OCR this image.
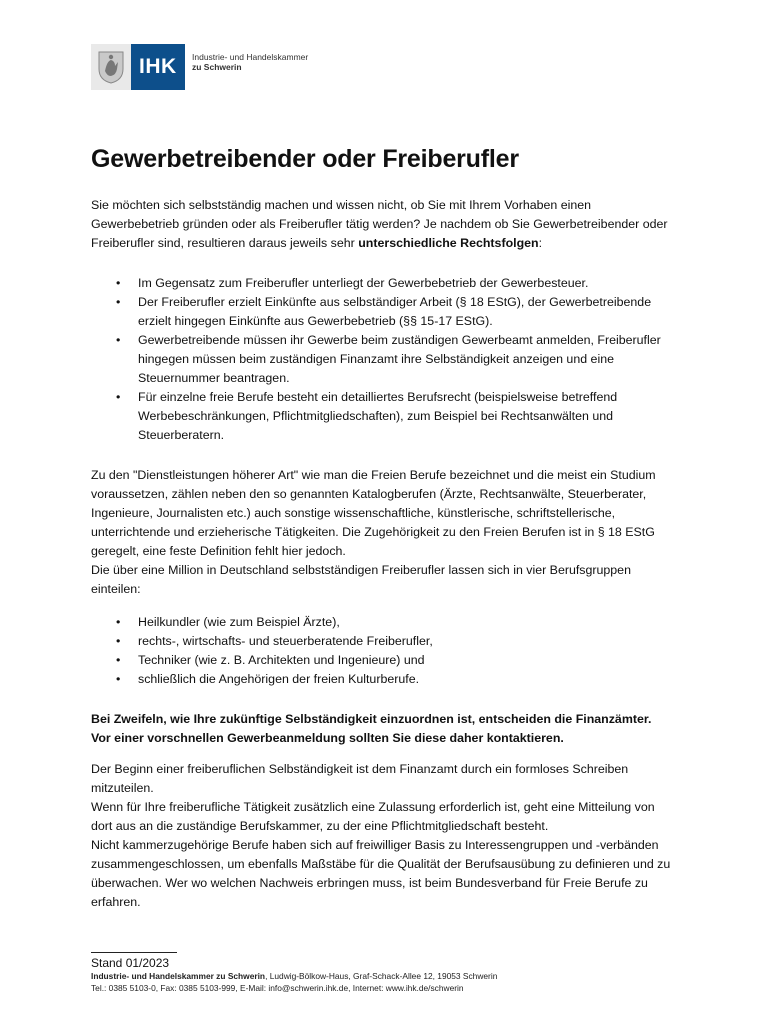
IHK Industrie- und Handelskammer
zu Schwerin
Gewerbetreibender oder Freiberufler

Sie möchten sich selbstständig machen und wissen nicht, ob Sie mit Ihrem Vorhaben einen Gewerbebetrieb gründen oder als Freiberufler tätig werden? Je nachdem ob Sie Gewerbetreibender oder Freiberufler sind, resultieren daraus jeweils sehr unterschiedliche Rechtsfolgen:

• Im Gegensatz zum Freiberufler unterliegt der Gewerbebetrieb der Gewerbesteuer.
• Der Freiberufler erzielt Einkünfte aus selbständiger Arbeit (§ 18 EStG), der Gewerbetreibende erzielt hingegen Einkünfte aus Gewerbebetrieb (§§ 15-17 EStG).
• Gewerbetreibende müssen ihr Gewerbe beim zuständigen Gewerbeamt anmelden, Freiberufler hingegen müssen beim zuständigen Finanzamt ihre Selbständigkeit anzeigen und eine Steuernummer beantragen.
• Für einzelne freie Berufe besteht ein detailliertes Berufsrecht (beispielsweise betreffend Werbebeschränkungen, Pflichtmitgliedschaften), zum Beispiel bei Rechtsanwälten und Steuerberatern.

Zu den "Dienstleistungen höherer Art" wie man die Freien Berufe bezeichnet und die meist ein Studium voraussetzen, zählen neben den so genannten Katalogberufen (Ärzte, Rechtsanwälte, Steuerberater, Ingenieure, Journalisten etc.) auch sonstige wissenschaftliche, künstlerische, schriftstellerische, unterrichtende und erzieherische Tätigkeiten. Die Zugehörigkeit zu den Freien Berufen ist in § 18 EStG geregelt, eine feste Definition fehlt hier jedoch.

Die über eine Million in Deutschland selbstständigen Freiberufler lassen sich in vier Berufsgruppen einteilen:

• Heilkundler (wie zum Beispiel Ärzte),
• rechts-, wirtschafts- und steuerberatende Freiberufler,
• Techniker (wie z. B. Architekten und Ingenieure) und
• schließlich die Angehörigen der freien Kulturberufe.

Bei Zweifeln, wie Ihre zukünftige Selbständigkeit einzuordnen ist, entscheiden die Finanzämter. Vor einer vorschnellen Gewerbeanmeldung sollten Sie diese daher kontaktieren.

Der Beginn einer freiberuflichen Selbständigkeit ist dem Finanzamt durch ein formloses Schreiben mitzuteilen.

Wenn für Ihre freiberufliche Tätigkeit zusätzlich eine Zulassung erforderlich ist, geht eine Mitteilung von dort aus an die zuständige Berufskammer, zu der eine Pflichtmitgliedschaft besteht.

Nicht kammerzugehörige Berufe haben sich auf freiwilliger Basis zu Interessengruppen und -verbänden zusammengeschlossen, um ebenfalls Maßstäbe für die Qualität der Berufsausübung zu definieren und zu überwachen. Wer wo welchen Nachweis erbringen muss, ist beim Bundesverband für Freie Berufe zu erfahren.

Stand 01/2023
Industrie- und Handelskammer zu Schwerin, Ludwig-Bölkow-Haus, Graf-Schack-Allee 12, 19053 Schwerin
Tel.: 0385 5103-0, Fax: 0385 5103-999, E-Mail: info@schwerin.ihk.de, Internet: www.ihk.de/schwerin
